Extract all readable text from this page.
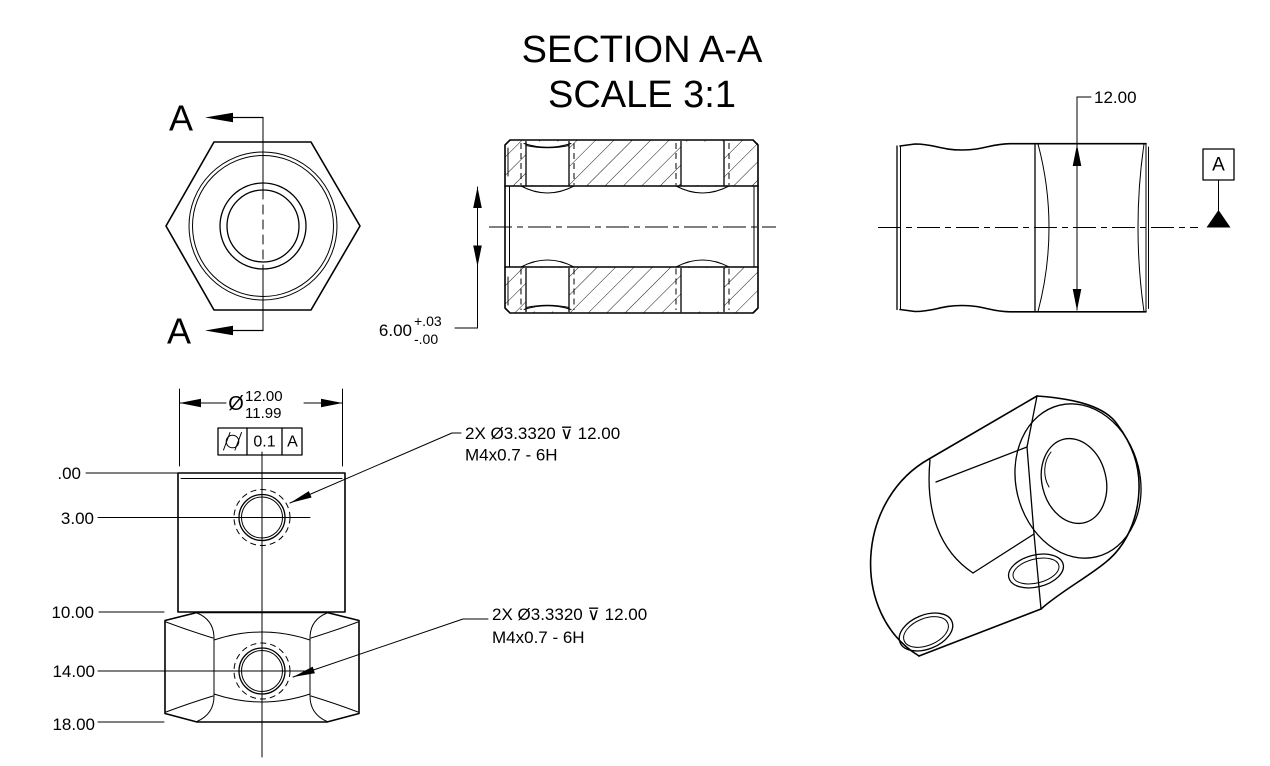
SECTION A-A
SCALE 3:1
A
A	6.00 +.03
-.00
12.00
A
.00
3.00
10.00
14.00
18.00
Ø 12.00
11.99
0.1 A	2X Ø3.3320 ⊽ 12.00
M4x0.7 - 6H
2X Ø3.3320 ⊽ 12.00
M4x0.7 - 6H
